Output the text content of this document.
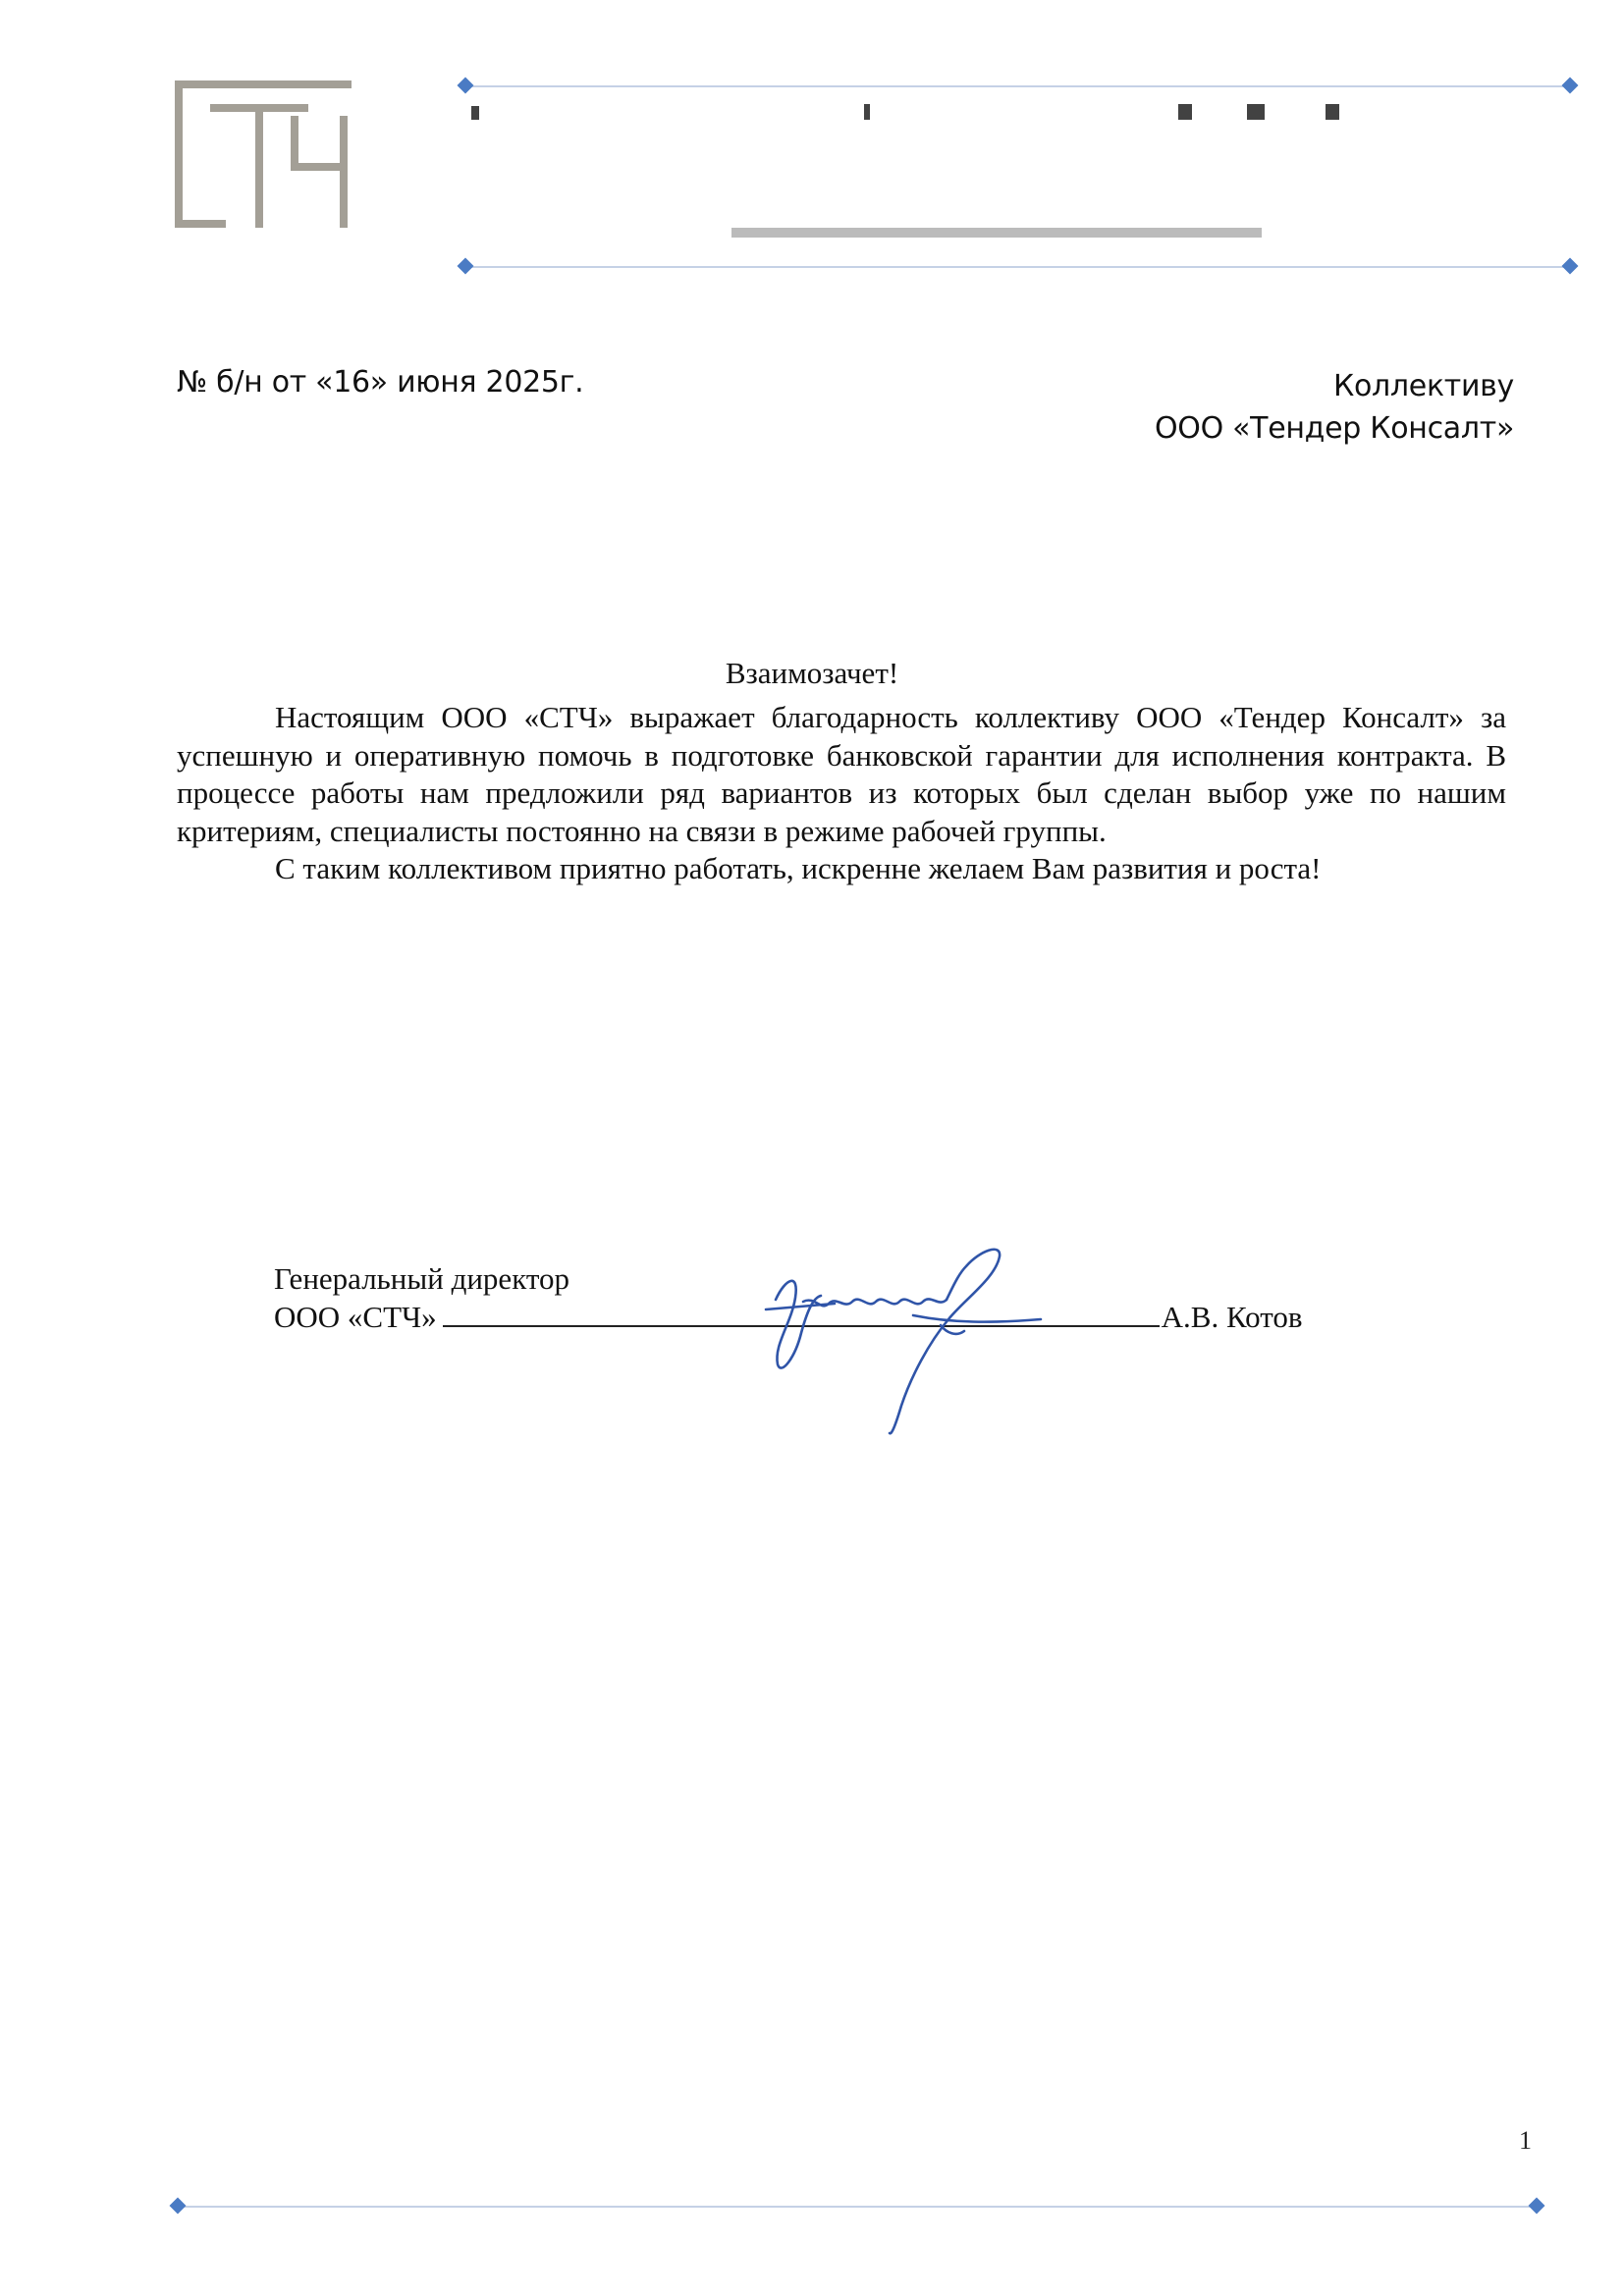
№ б/н от «16» июня 2025г.	Коллективу
ООО «Тендер Консалт»
Взаимозачет!

Настоящим ООО «СТЧ» выражает благодарность коллективу ООО «Тендер Консалт» за успешную и оперативную помочь в подготовке банковской гарантии для исполнения контракта. В процессе работы нам предложили ряд вариантов из которых был сделан выбор уже по нашим критериям, специалисты постоянно на связи в режиме рабочей группы.

С таким коллективом приятно работать, искренне желаем Вам развития и роста!

Генеральный директор
ООО «СТЧ»	А.В. Котов
1
